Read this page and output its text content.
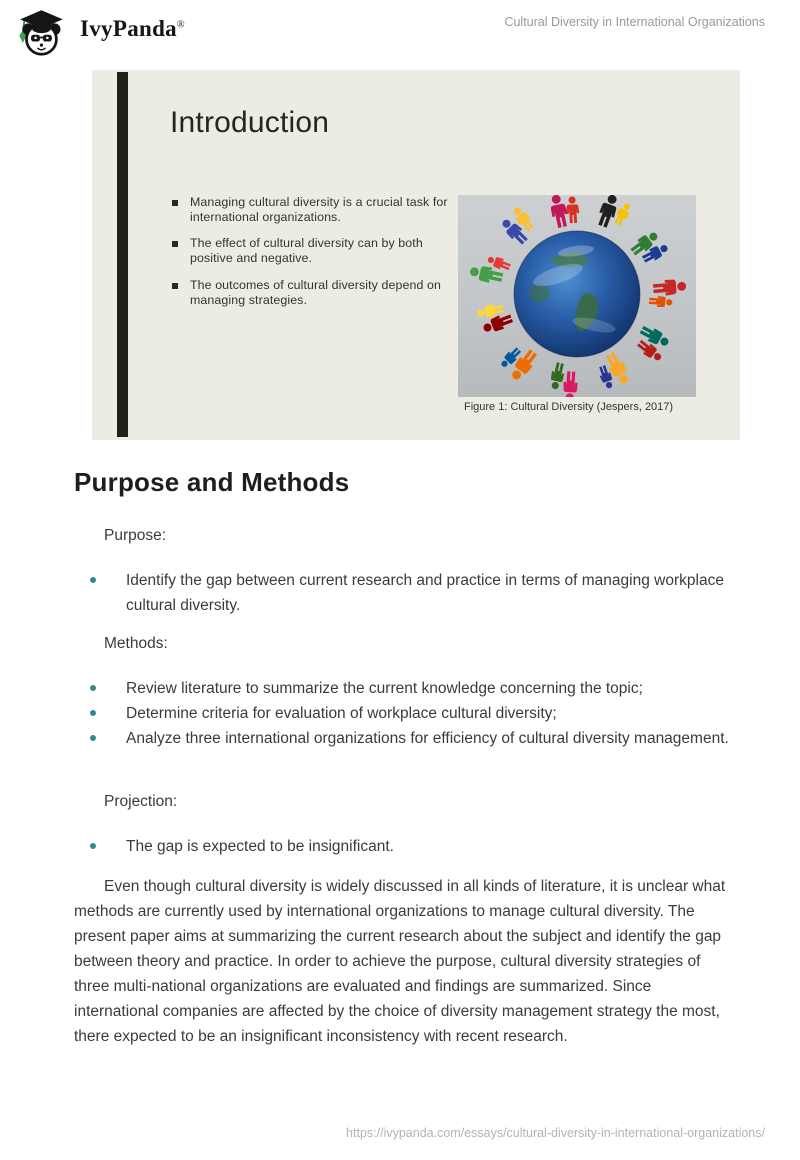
IvyPanda®	Cultural Diversity in International Organizations
Introduction
Managing cultural diversity is a crucial task for international organizations.
The effect of cultural diversity can by both positive and negative.
The outcomes of cultural diversity depend on managing strategies.
Figure 1: Cultural Diversity (Jespers, 2017)
Purpose and Methods
Purpose:
Identify the gap between current research and practice in terms of managing workplace cultural diversity.
Methods:
Review literature to summarize the current knowledge concerning the topic;
Determine criteria for evaluation of workplace cultural diversity;
Analyze three international organizations for efficiency of cultural diversity management.
Projection:
The gap is expected to be insignificant.

Even though cultural diversity is widely discussed in all kinds of literature, it is unclear what methods are currently used by international organizations to manage cultural diversity. The present paper aims at summarizing the current research about the subject and identify the gap between theory and practice. In order to achieve the purpose, cultural diversity strategies of three multi-national organizations are evaluated and findings are summarized. Since international companies are affected by the choice of diversity management strategy the most, there expected to be an insignificant inconsistency with recent research.

https://ivypanda.com/essays/cultural-diversity-in-international-organizations/
